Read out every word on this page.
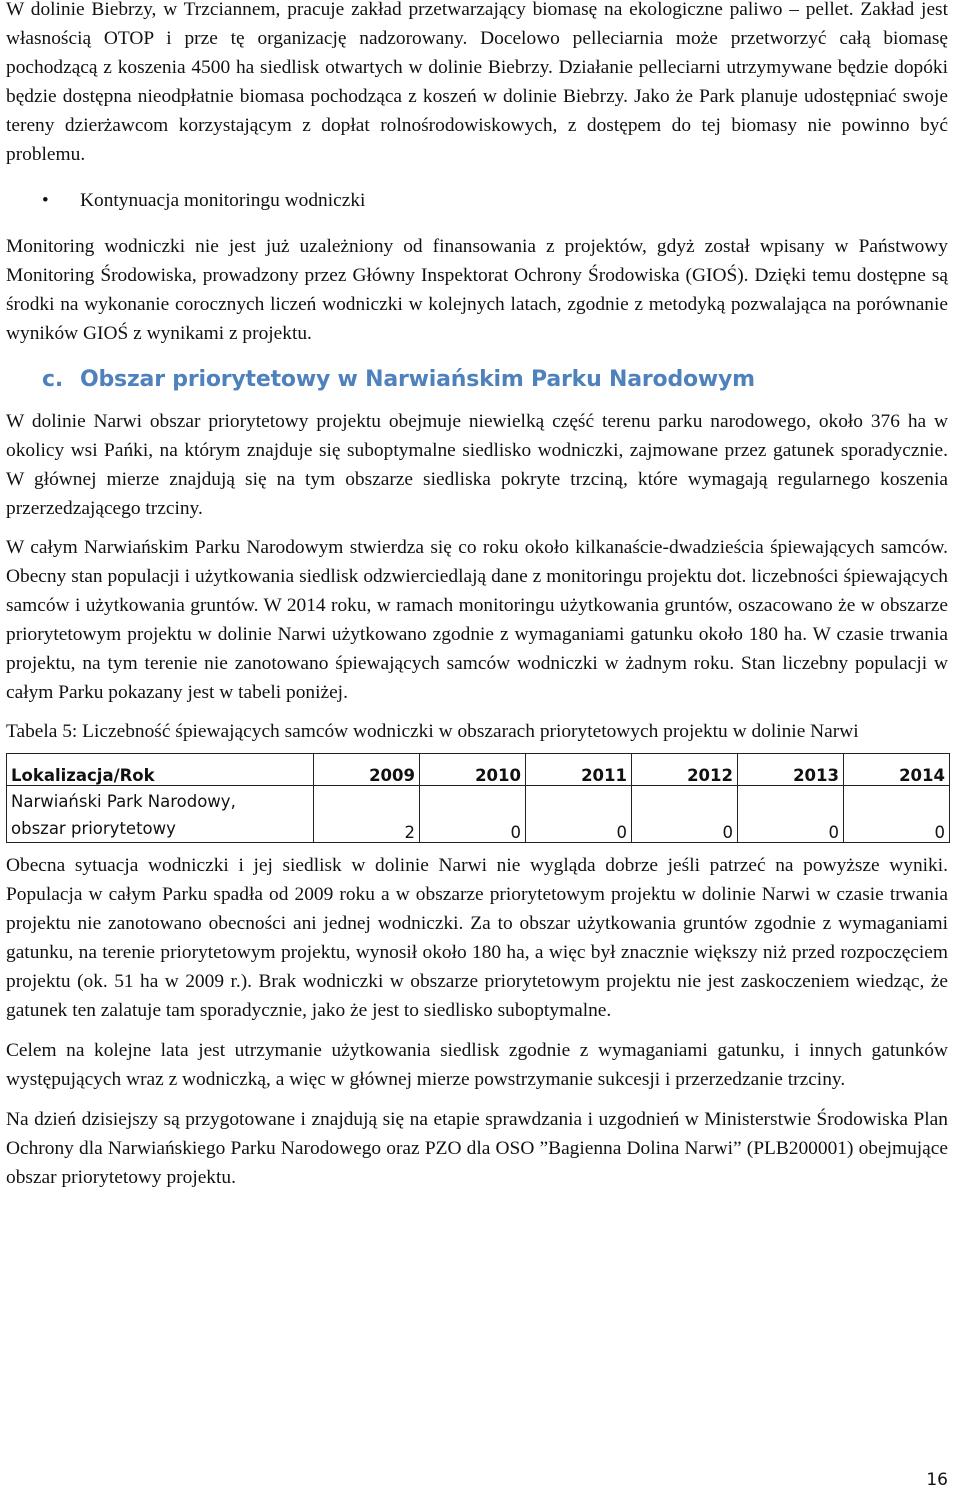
W dolinie Biebrzy, w Trzciannem, pracuje zakład przetwarzający biomasę na ekologiczne paliwo – pellet. Zakład jest własnością OTOP i prze tę organizację nadzorowany. Docelowo pelleciarnia może przetworzyć całą biomasę pochodzącą z koszenia 4500 ha siedlisk otwartych w dolinie Biebrzy. Działanie pelleciarni utrzymywane będzie dopóki będzie dostępna nieodpłatnie biomasa pochodząca z koszeń w dolinie Biebrzy. Jako że Park planuje udostępniać swoje tereny dzierżawcom korzystającym z dopłat rolnośrodowiskowych, z dostępem do tej biomasy nie powinno być problemu.

•	Kontynuacja monitoringu wodniczki

Monitoring wodniczki nie jest już uzależniony od finansowania z projektów, gdyż został wpisany w Państwowy Monitoring Środowiska, prowadzony przez Główny Inspektorat Ochrony Środowiska (GIOŚ). Dzięki temu dostępne są środki na wykonanie corocznych liczeń wodniczki w kolejnych latach, zgodnie z metodyką pozwalająca na porównanie wyników GIOŚ z wynikami z projektu.

c. Obszar priorytetowy w Narwiańskim Parku Narodowym

W dolinie Narwi obszar priorytetowy projektu obejmuje niewielką część terenu parku narodowego, około 376 ha w okolicy wsi Pańki, na którym znajduje się suboptymalne siedlisko wodniczki, zajmowane przez gatunek sporadycznie. W głównej mierze znajdują się na tym obszarze siedliska pokryte trzciną, które wymagają regularnego koszenia przerzedzającego trzciny.

W całym Narwiańskim Parku Narodowym stwierdza się co roku około kilkanaście-dwadzieścia śpiewających samców. Obecny stan populacji i użytkowania siedlisk odzwierciedlają dane z monitoringu projektu dot. liczebności śpiewających samców i użytkowania gruntów. W 2014 roku, w ramach monitoringu użytkowania gruntów, oszacowano że w obszarze priorytetowym projektu w dolinie Narwi użytkowano zgodnie z wymaganiami gatunku około 180 ha. W czasie trwania projektu, na tym terenie nie zanotowano śpiewających samców wodniczki w żadnym roku. Stan liczebny populacji w całym Parku pokazany jest w tabeli poniżej.

Tabela 5: Liczebność śpiewających samców wodniczki w obszarach priorytetowych projektu w dolinie Narwi

Lokalizacja/Rok	2009	2010	2011	2012	2013	2014
Narwiański Park Narodowy,
obszar priorytetowy	2	0	0	0	0	0

Obecna sytuacja wodniczki i jej siedlisk w dolinie Narwi nie wygląda dobrze jeśli patrzeć na powyższe wyniki. Populacja w całym Parku spadła od 2009 roku a w obszarze priorytetowym projektu w dolinie Narwi w czasie trwania projektu nie zanotowano obecności ani jednej wodniczki. Za to obszar użytkowania gruntów zgodnie z wymaganiami gatunku, na terenie priorytetowym projektu, wynosił około 180 ha, a więc był znacznie większy niż przed rozpoczęciem projektu (ok. 51 ha w 2009 r.). Brak wodniczki w obszarze priorytetowym projektu nie jest zaskoczeniem wiedząc, że gatunek ten zalatuje tam sporadycznie, jako że jest to siedlisko suboptymalne.

Celem na kolejne lata jest utrzymanie użytkowania siedlisk zgodnie z wymaganiami gatunku, i innych gatunków występujących wraz z wodniczką, a więc w głównej mierze powstrzymanie sukcesji i przerzedzanie trzciny.

Na dzień dzisiejszy są przygotowane i znajdują się na etapie sprawdzania i uzgodnień w Ministerstwie Środowiska Plan Ochrony dla Narwiańskiego Parku Narodowego oraz PZO dla OSO ”Bagienna Dolina Narwi” (PLB200001) obejmujące obszar priorytetowy projektu.

16
